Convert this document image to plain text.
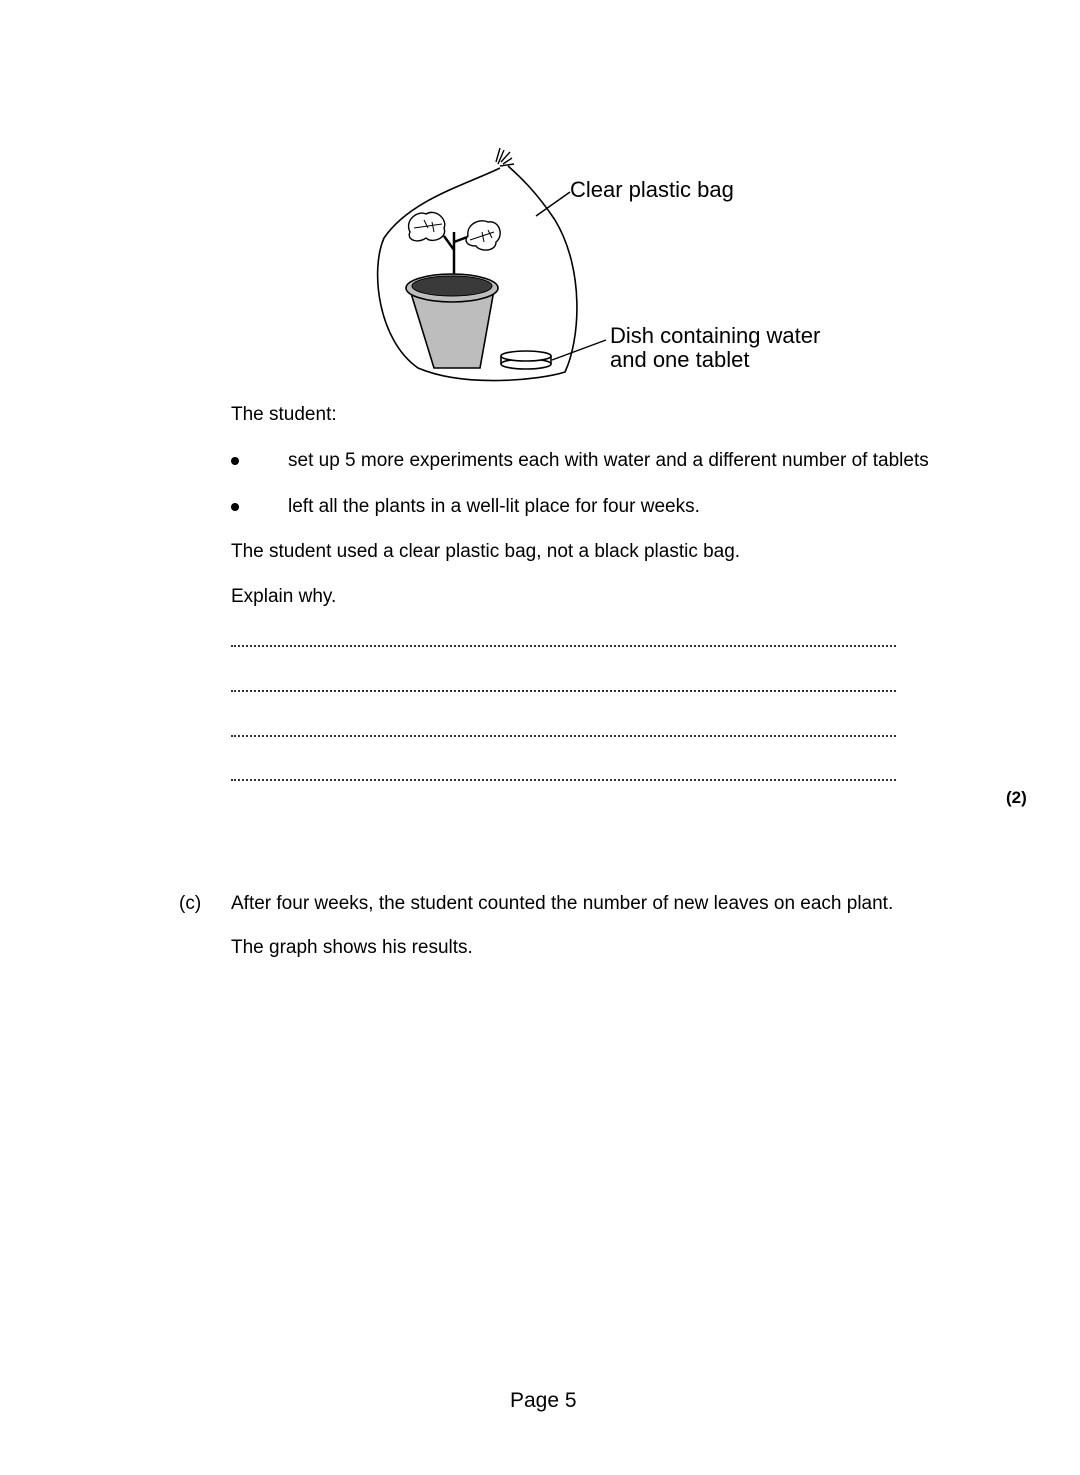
Clear plastic bag
Dish containing water
and one tablet
The student:
set up 5 more experiments each with water and a different number of tablets
left all the plants in a well-lit place for four weeks.
The student used a clear plastic bag, not a black plastic bag.
Explain why.
(2)
(c) After four weeks, the student counted the number of new leaves on each plant.
The graph shows his results.
Page 5
